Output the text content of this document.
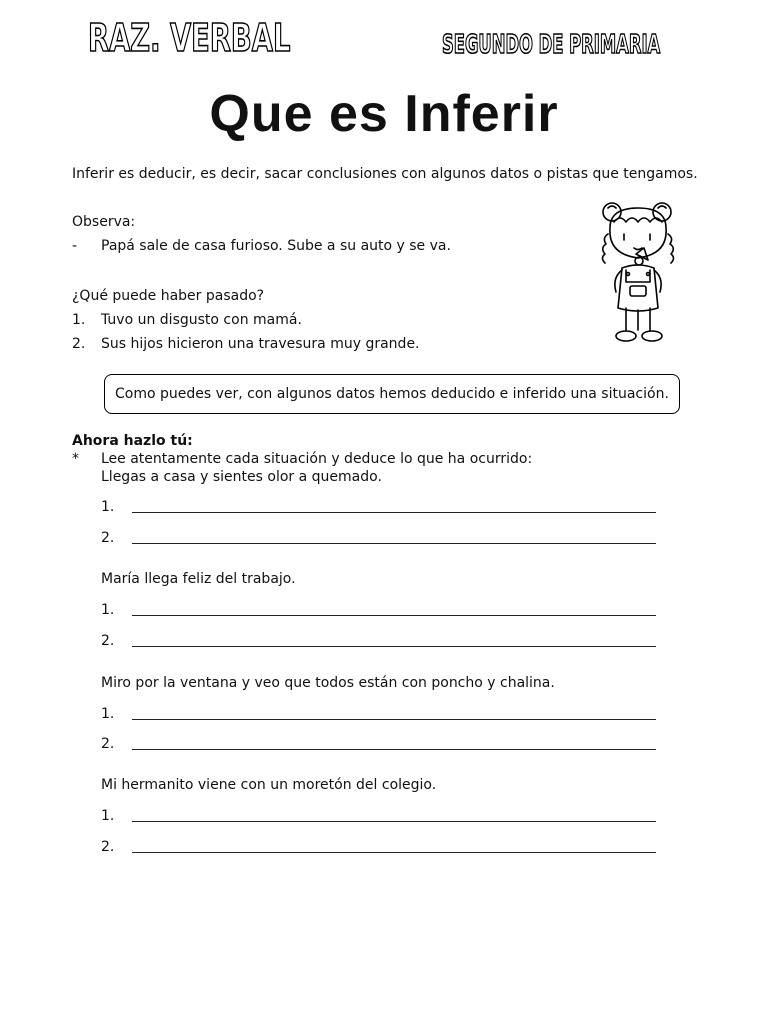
RAZ. VERBAL	SEGUNDO DE PRIMARIA
Que es Inferir
Inferir es deducir, es decir, sacar conclusiones con algunos datos o pistas que tengamos.
Observa:
- Papá sale de casa furioso. Sube a su auto y se va.
¿Qué puede haber pasado?
1. Tuvo un disgusto con mamá.
2. Sus hijos hicieron una travesura muy grande.
Como puedes ver, con algunos datos hemos deducido e inferido una situación.
Ahora hazlo tú:
* Lee atentamente cada situación y deduce lo que ha ocurrido:
Llegas a casa y sientes olor a quemado.
1.
2.
María llega feliz del trabajo.
1.
2.
Miro por la ventana y veo que todos están con poncho y chalina.
1.
2.
Mi hermanito viene con un moretón del colegio.
1.
2.
